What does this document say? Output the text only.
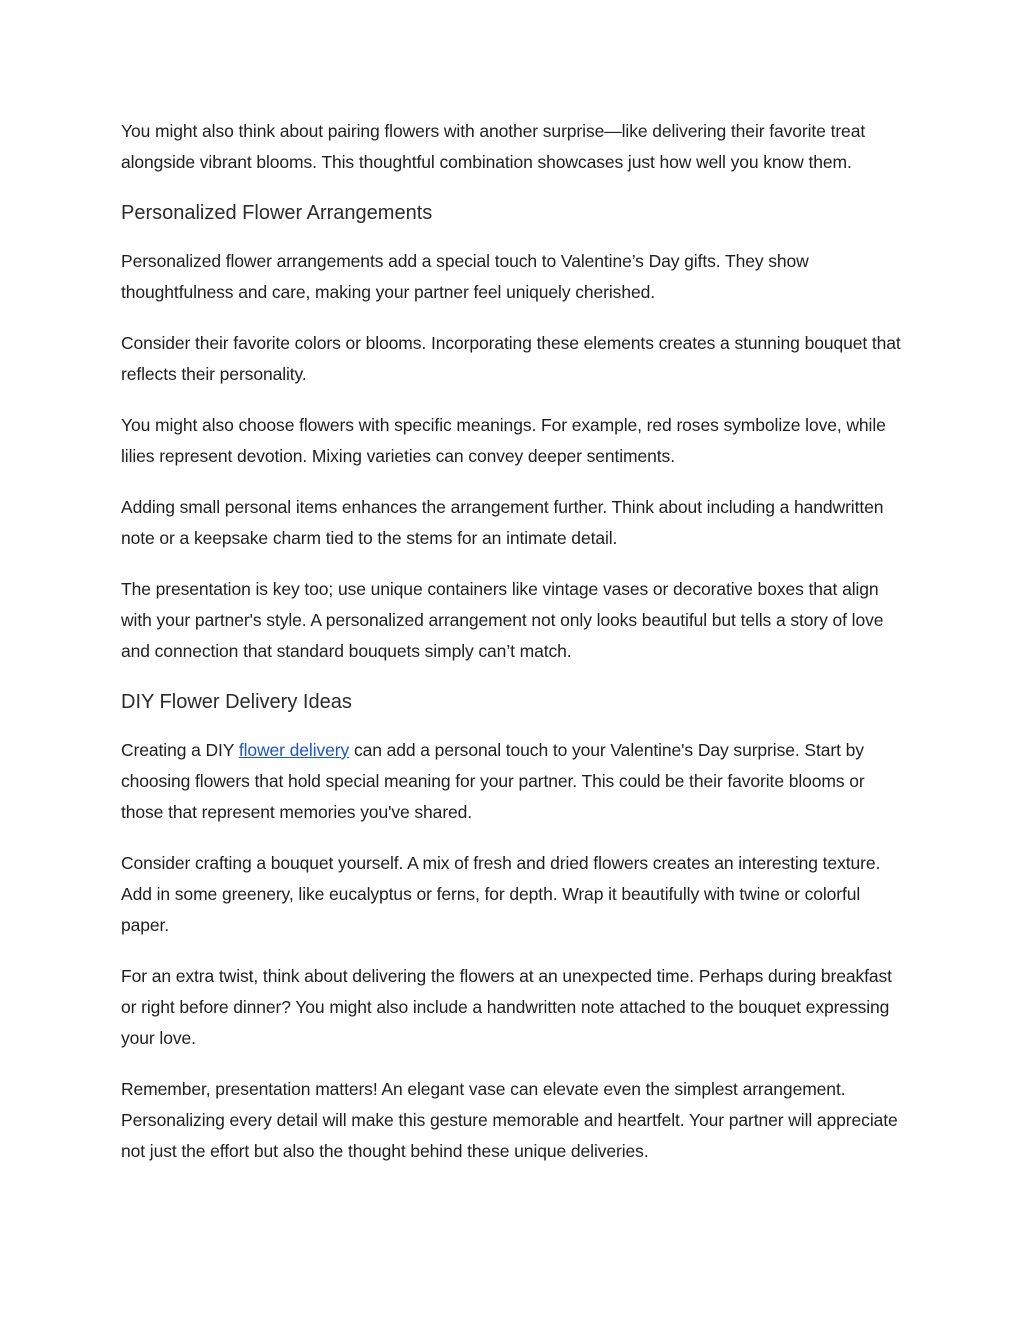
You might also think about pairing flowers with another surprise—like delivering their favorite treat alongside vibrant blooms. This thoughtful combination showcases just how well you know them.

Personalized Flower Arrangements

Personalized flower arrangements add a special touch to Valentine’s Day gifts. They show thoughtfulness and care, making your partner feel uniquely cherished.

Consider their favorite colors or blooms. Incorporating these elements creates a stunning bouquet that reflects their personality.

You might also choose flowers with specific meanings. For example, red roses symbolize love, while lilies represent devotion. Mixing varieties can convey deeper sentiments.

Adding small personal items enhances the arrangement further. Think about including a handwritten note or a keepsake charm tied to the stems for an intimate detail.

The presentation is key too; use unique containers like vintage vases or decorative boxes that align with your partner's style. A personalized arrangement not only looks beautiful but tells a story of love and connection that standard bouquets simply can’t match.

DIY Flower Delivery Ideas

Creating a DIY flower delivery can add a personal touch to your Valentine's Day surprise. Start by choosing flowers that hold special meaning for your partner. This could be their favorite blooms or those that represent memories you've shared.

Consider crafting a bouquet yourself. A mix of fresh and dried flowers creates an interesting texture. Add in some greenery, like eucalyptus or ferns, for depth. Wrap it beautifully with twine or colorful paper.

For an extra twist, think about delivering the flowers at an unexpected time. Perhaps during breakfast or right before dinner? You might also include a handwritten note attached to the bouquet expressing your love.

Remember, presentation matters! An elegant vase can elevate even the simplest arrangement. Personalizing every detail will make this gesture memorable and heartfelt. Your partner will appreciate not just the effort but also the thought behind these unique deliveries.
